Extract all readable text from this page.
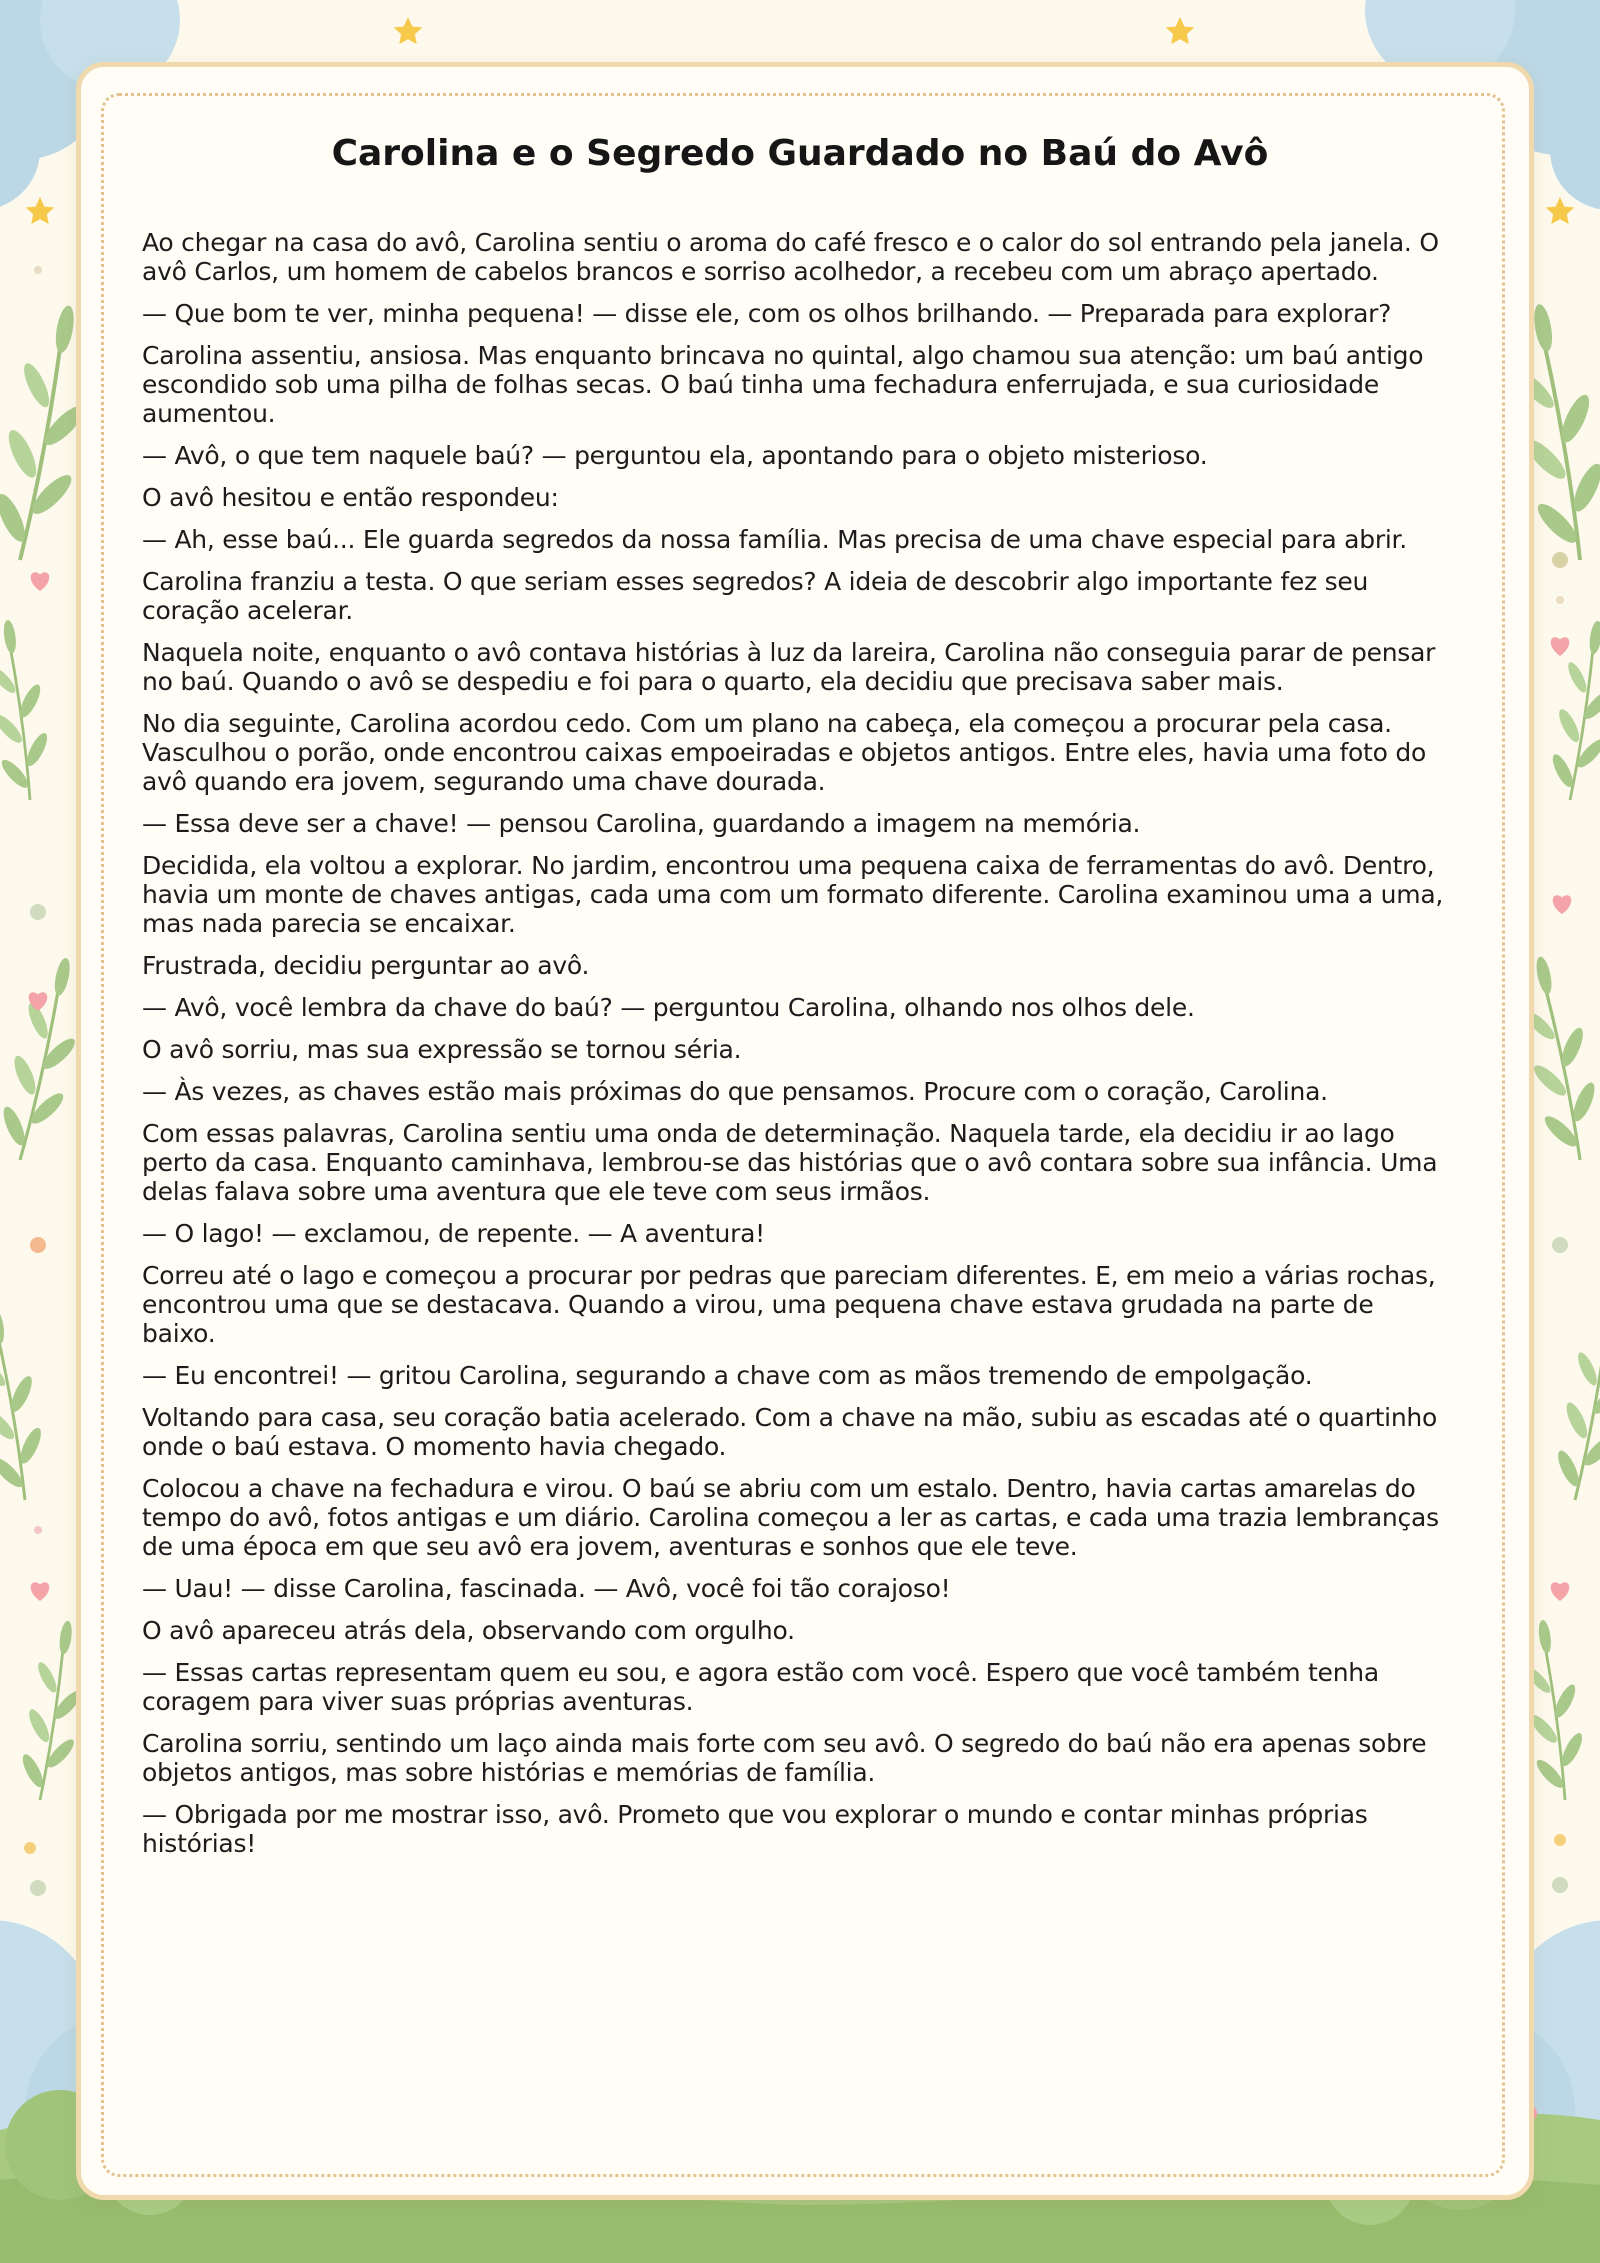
Carolina e o Segredo Guardado no Baú do Avô

Ao chegar na casa do avô, Carolina sentiu o aroma do café fresco e o calor do sol entrando pela janela. O avô Carlos, um homem de cabelos brancos e sorriso acolhedor, a recebeu com um abraço apertado.

— Que bom te ver, minha pequena! — disse ele, com os olhos brilhando. — Preparada para explorar?

Carolina assentiu, ansiosa. Mas enquanto brincava no quintal, algo chamou sua atenção: um baú antigo escondido sob uma pilha de folhas secas. O baú tinha uma fechadura enferrujada, e sua curiosidade aumentou.

— Avô, o que tem naquele baú? — perguntou ela, apontando para o objeto misterioso.

O avô hesitou e então respondeu:

— Ah, esse baú... Ele guarda segredos da nossa família. Mas precisa de uma chave especial para abrir.

Carolina franziu a testa. O que seriam esses segredos? A ideia de descobrir algo importante fez seu coração acelerar.

Naquela noite, enquanto o avô contava histórias à luz da lareira, Carolina não conseguia parar de pensar no baú. Quando o avô se despediu e foi para o quarto, ela decidiu que precisava saber mais.

No dia seguinte, Carolina acordou cedo. Com um plano na cabeça, ela começou a procurar pela casa. Vasculhou o porão, onde encontrou caixas empoeiradas e objetos antigos. Entre eles, havia uma foto do avô quando era jovem, segurando uma chave dourada.

— Essa deve ser a chave! — pensou Carolina, guardando a imagem na memória.

Decidida, ela voltou a explorar. No jardim, encontrou uma pequena caixa de ferramentas do avô. Dentro, havia um monte de chaves antigas, cada uma com um formato diferente. Carolina examinou uma a uma, mas nada parecia se encaixar.

Frustrada, decidiu perguntar ao avô.

— Avô, você lembra da chave do baú? — perguntou Carolina, olhando nos olhos dele.

O avô sorriu, mas sua expressão se tornou séria.

— Às vezes, as chaves estão mais próximas do que pensamos. Procure com o coração, Carolina.

Com essas palavras, Carolina sentiu uma onda de determinação. Naquela tarde, ela decidiu ir ao lago perto da casa. Enquanto caminhava, lembrou-se das histórias que o avô contara sobre sua infância. Uma delas falava sobre uma aventura que ele teve com seus irmãos.

— O lago! — exclamou, de repente. — A aventura!

Correu até o lago e começou a procurar por pedras que pareciam diferentes. E, em meio a várias rochas, encontrou uma que se destacava. Quando a virou, uma pequena chave estava grudada na parte de baixo.

— Eu encontrei! — gritou Carolina, segurando a chave com as mãos tremendo de empolgação.

Voltando para casa, seu coração batia acelerado. Com a chave na mão, subiu as escadas até o quartinho onde o baú estava. O momento havia chegado.

Colocou a chave na fechadura e virou. O baú se abriu com um estalo. Dentro, havia cartas amarelas do tempo do avô, fotos antigas e um diário. Carolina começou a ler as cartas, e cada uma trazia lembranças de uma época em que seu avô era jovem, aventuras e sonhos que ele teve.

— Uau! — disse Carolina, fascinada. — Avô, você foi tão corajoso!

O avô apareceu atrás dela, observando com orgulho.

— Essas cartas representam quem eu sou, e agora estão com você. Espero que você também tenha coragem para viver suas próprias aventuras.

Carolina sorriu, sentindo um laço ainda mais forte com seu avô. O segredo do baú não era apenas sobre objetos antigos, mas sobre histórias e memórias de família.

— Obrigada por me mostrar isso, avô. Prometo que vou explorar o mundo e contar minhas próprias histórias!
